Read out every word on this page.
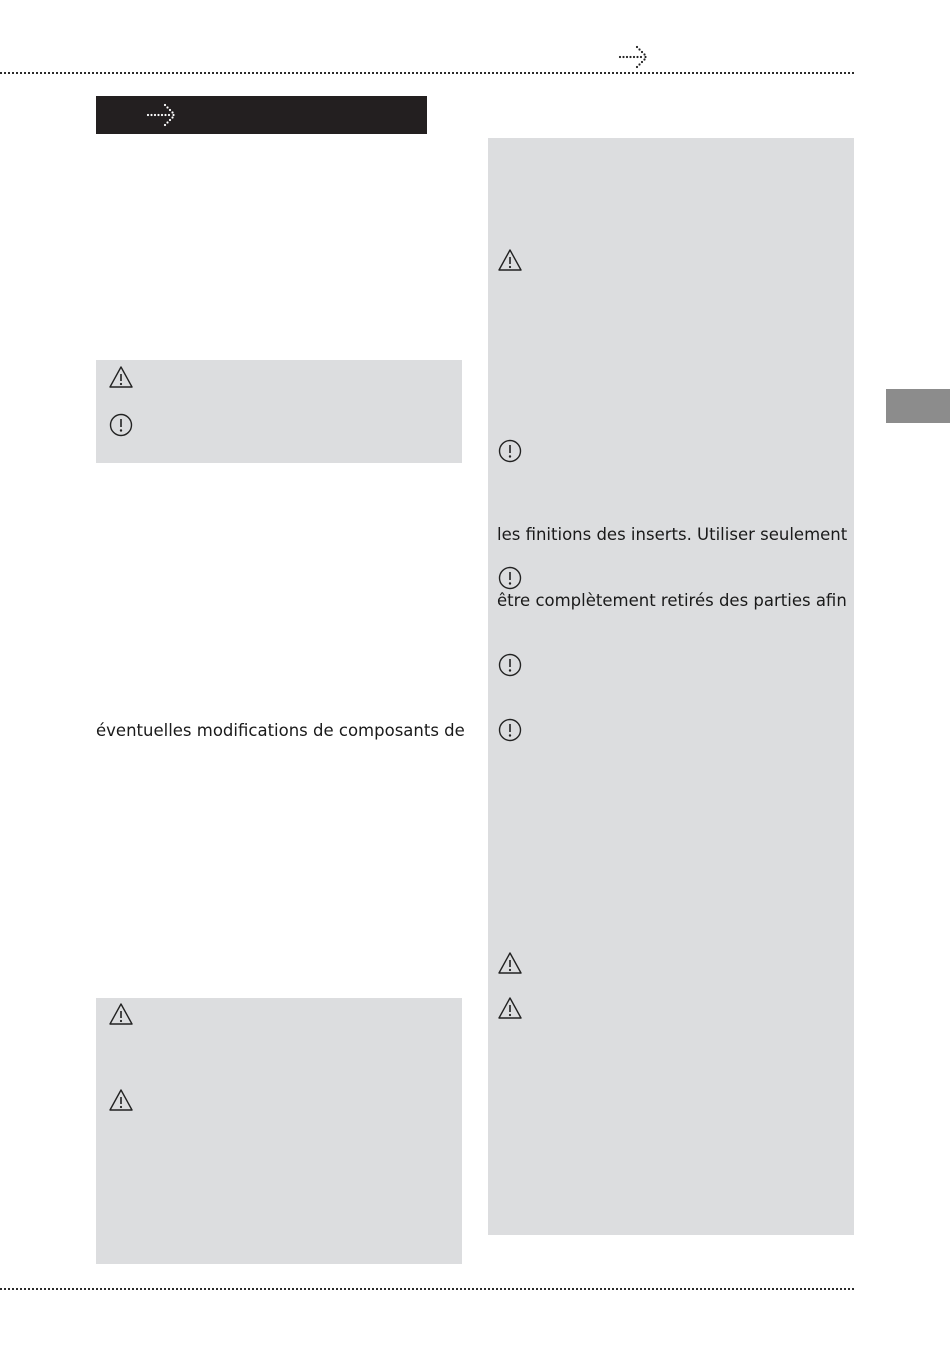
éventuelles modifications de composants de
les finitions des inserts. Utiliser seulement
être complètement retirés des parties afin
